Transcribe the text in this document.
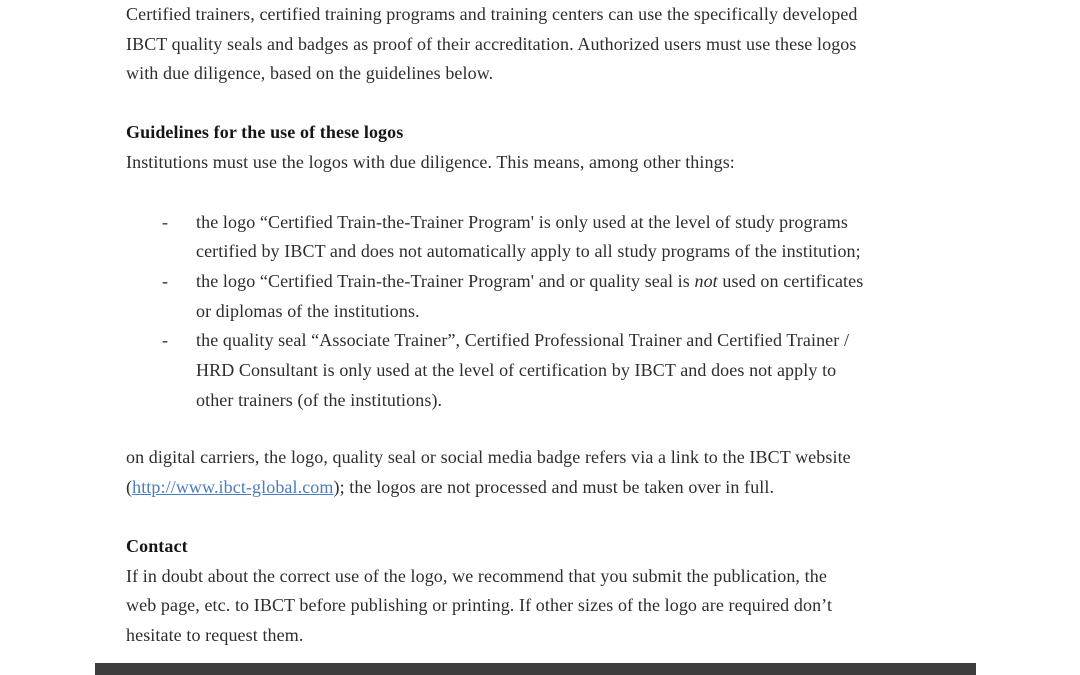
Certified trainers, certified training programs and training centers can use the specifically developed
IBCT quality seals and badges as proof of their accreditation. Authorized users must use these logos
with due diligence, based on the guidelines below.
Guidelines for the use of these logos
Institutions must use the logos with due diligence. This means, among other things:
-	the logo “Certified Train-the-Trainer Program' is only used at the level of study programs
certified by IBCT and does not automatically apply to all study programs of the institution;
-	the logo “Certified Train-the-Trainer Program' and or quality seal is not used on certificates
or diplomas of the institutions.
-	the quality seal “Associate Trainer”, Certified Professional Trainer and Certified Trainer /
HRD Consultant is only used at the level of certification by IBCT and does not apply to
other trainers (of the institutions).
on digital carriers, the logo, quality seal or social media badge refers via a link to the IBCT website
(http://www.ibct-global.com); the logos are not processed and must be taken over in full.
Contact
If in doubt about the correct use of the logo, we recommend that you submit the publication, the
web page, etc. to IBCT before publishing or printing. If other sizes of the logo are required don’t
hesitate to request them.
